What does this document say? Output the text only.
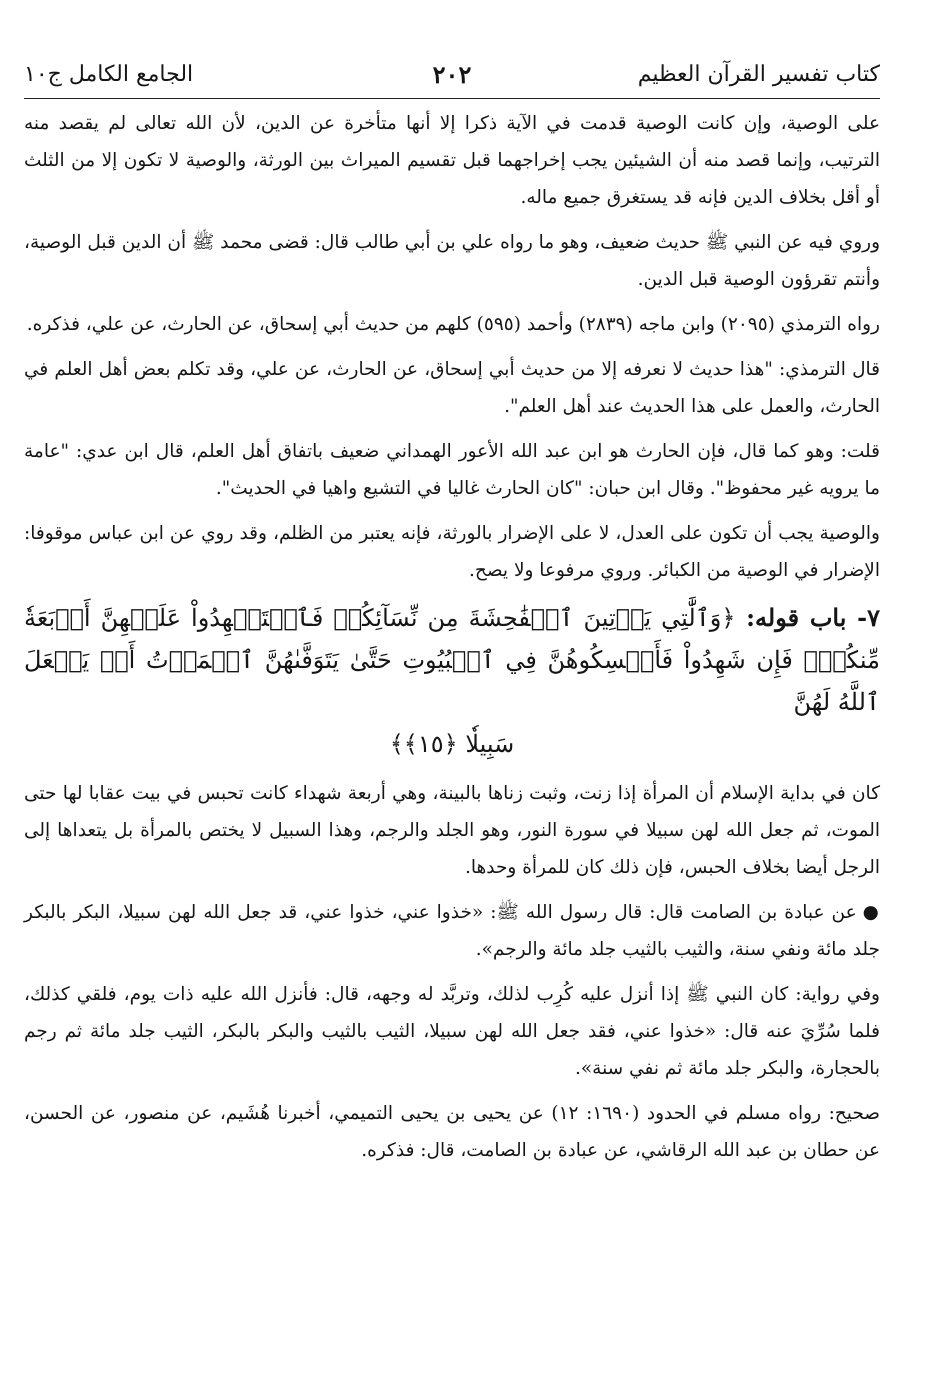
كتاب تفسير القرآن العظيم
٢٠٢
الجامع الكامل ج١٠

على الوصية، وإن كانت الوصية قدمت في الآية ذكرا إلا أنها متأخرة عن الدين، لأن الله تعالى لم يقصد منه الترتيب، وإنما قصد منه أن الشيئين يجب إخراجهما قبل تقسيم الميراث بين الورثة، والوصية لا تكون إلا من الثلث أو أقل بخلاف الدين فإنه قد يستغرق جميع ماله.

وروي فيه عن النبي ﷺ حديث ضعيف، وهو ما رواه علي بن أبي طالب قال: قضى محمد ﷺ أن الدين قبل الوصية، وأنتم تقرؤون الوصية قبل الدين.

رواه الترمذي (٢٠٩٥) وابن ماجه (٢٨٣٩) وأحمد (٥٩٥) كلهم من حديث أبي إسحاق، عن الحارث، عن علي، فذكره.

قال الترمذي: "هذا حديث لا نعرفه إلا من حديث أبي إسحاق، عن الحارث، عن علي، وقد تكلم بعض أهل العلم في الحارث، والعمل على هذا الحديث عند أهل العلم".

قلت: وهو كما قال، فإن الحارث هو ابن عبد الله الأعور الهمداني ضعيف باتفاق أهل العلم، قال ابن عدي: "عامة ما يرويه غير محفوظ". وقال ابن حبان: "كان الحارث غاليا في التشيع واهيا في الحديث".

والوصية يجب أن تكون على العدل، لا على الإضرار بالورثة، فإنه يعتبر من الظلم، وقد روي عن ابن عباس موقوفا: الإضرار في الوصية من الكبائر. وروي مرفوعا ولا يصح.

٧- باب قوله: ﴿وَٱلَّٰتِي يَأۡتِينَ ٱلۡفَٰحِشَةَ مِن نِّسَآئِكُمۡ فَٱسۡتَشۡهِدُواْ عَلَيۡهِنَّ أَرۡبَعَةٗ مِّنكُمۡۖ فَإِن شَهِدُواْ فَأَمۡسِكُوهُنَّ فِي ٱلۡبُيُوتِ حَتَّىٰ يَتَوَفَّىٰهُنَّ ٱلۡمَوۡتُ أَوۡ يَجۡعَلَ ٱللَّهُ لَهُنَّ
سَبِيلٗا ﴿١٥﴾﴾

كان في بداية الإسلام أن المرأة إذا زنت، وثبت زناها بالبينة، وهي أربعة شهداء كانت تحبس في بيت عقابا لها حتى الموت، ثم جعل الله لهن سبيلا في سورة النور، وهو الجلد والرجم، وهذا السبيل لا يختص بالمرأة بل يتعداها إلى الرجل أيضا بخلاف الحبس، فإن ذلك كان للمرأة وحدها.

●عن عبادة بن الصامت قال: قال رسول الله ﷺ: «خذوا عني، خذوا عني، قد جعل الله لهن سبيلا، البكر بالبكر جلد مائة ونفي سنة، والثيب بالثيب جلد مائة والرجم».

وفي رواية: كان النبي ﷺ إذا أنزل عليه كُرِب لذلك، وتربَّد له وجهه، قال: فأنزل الله عليه ذات يوم، فلقي كذلك، فلما سُرِّيَ عنه قال: «خذوا عني، فقد جعل الله لهن سبيلا، الثيب بالثيب والبكر بالبكر، الثيب جلد مائة ثم رجم بالحجارة، والبكر جلد مائة ثم نفي سنة».

صحيح: رواه مسلم في الحدود (١٦٩٠: ١٢) عن يحيى بن يحيى التميمي، أخبرنا هُشَيم، عن منصور، عن الحسن، عن حطان بن عبد الله الرقاشي، عن عبادة بن الصامت، قال: فذكره.
